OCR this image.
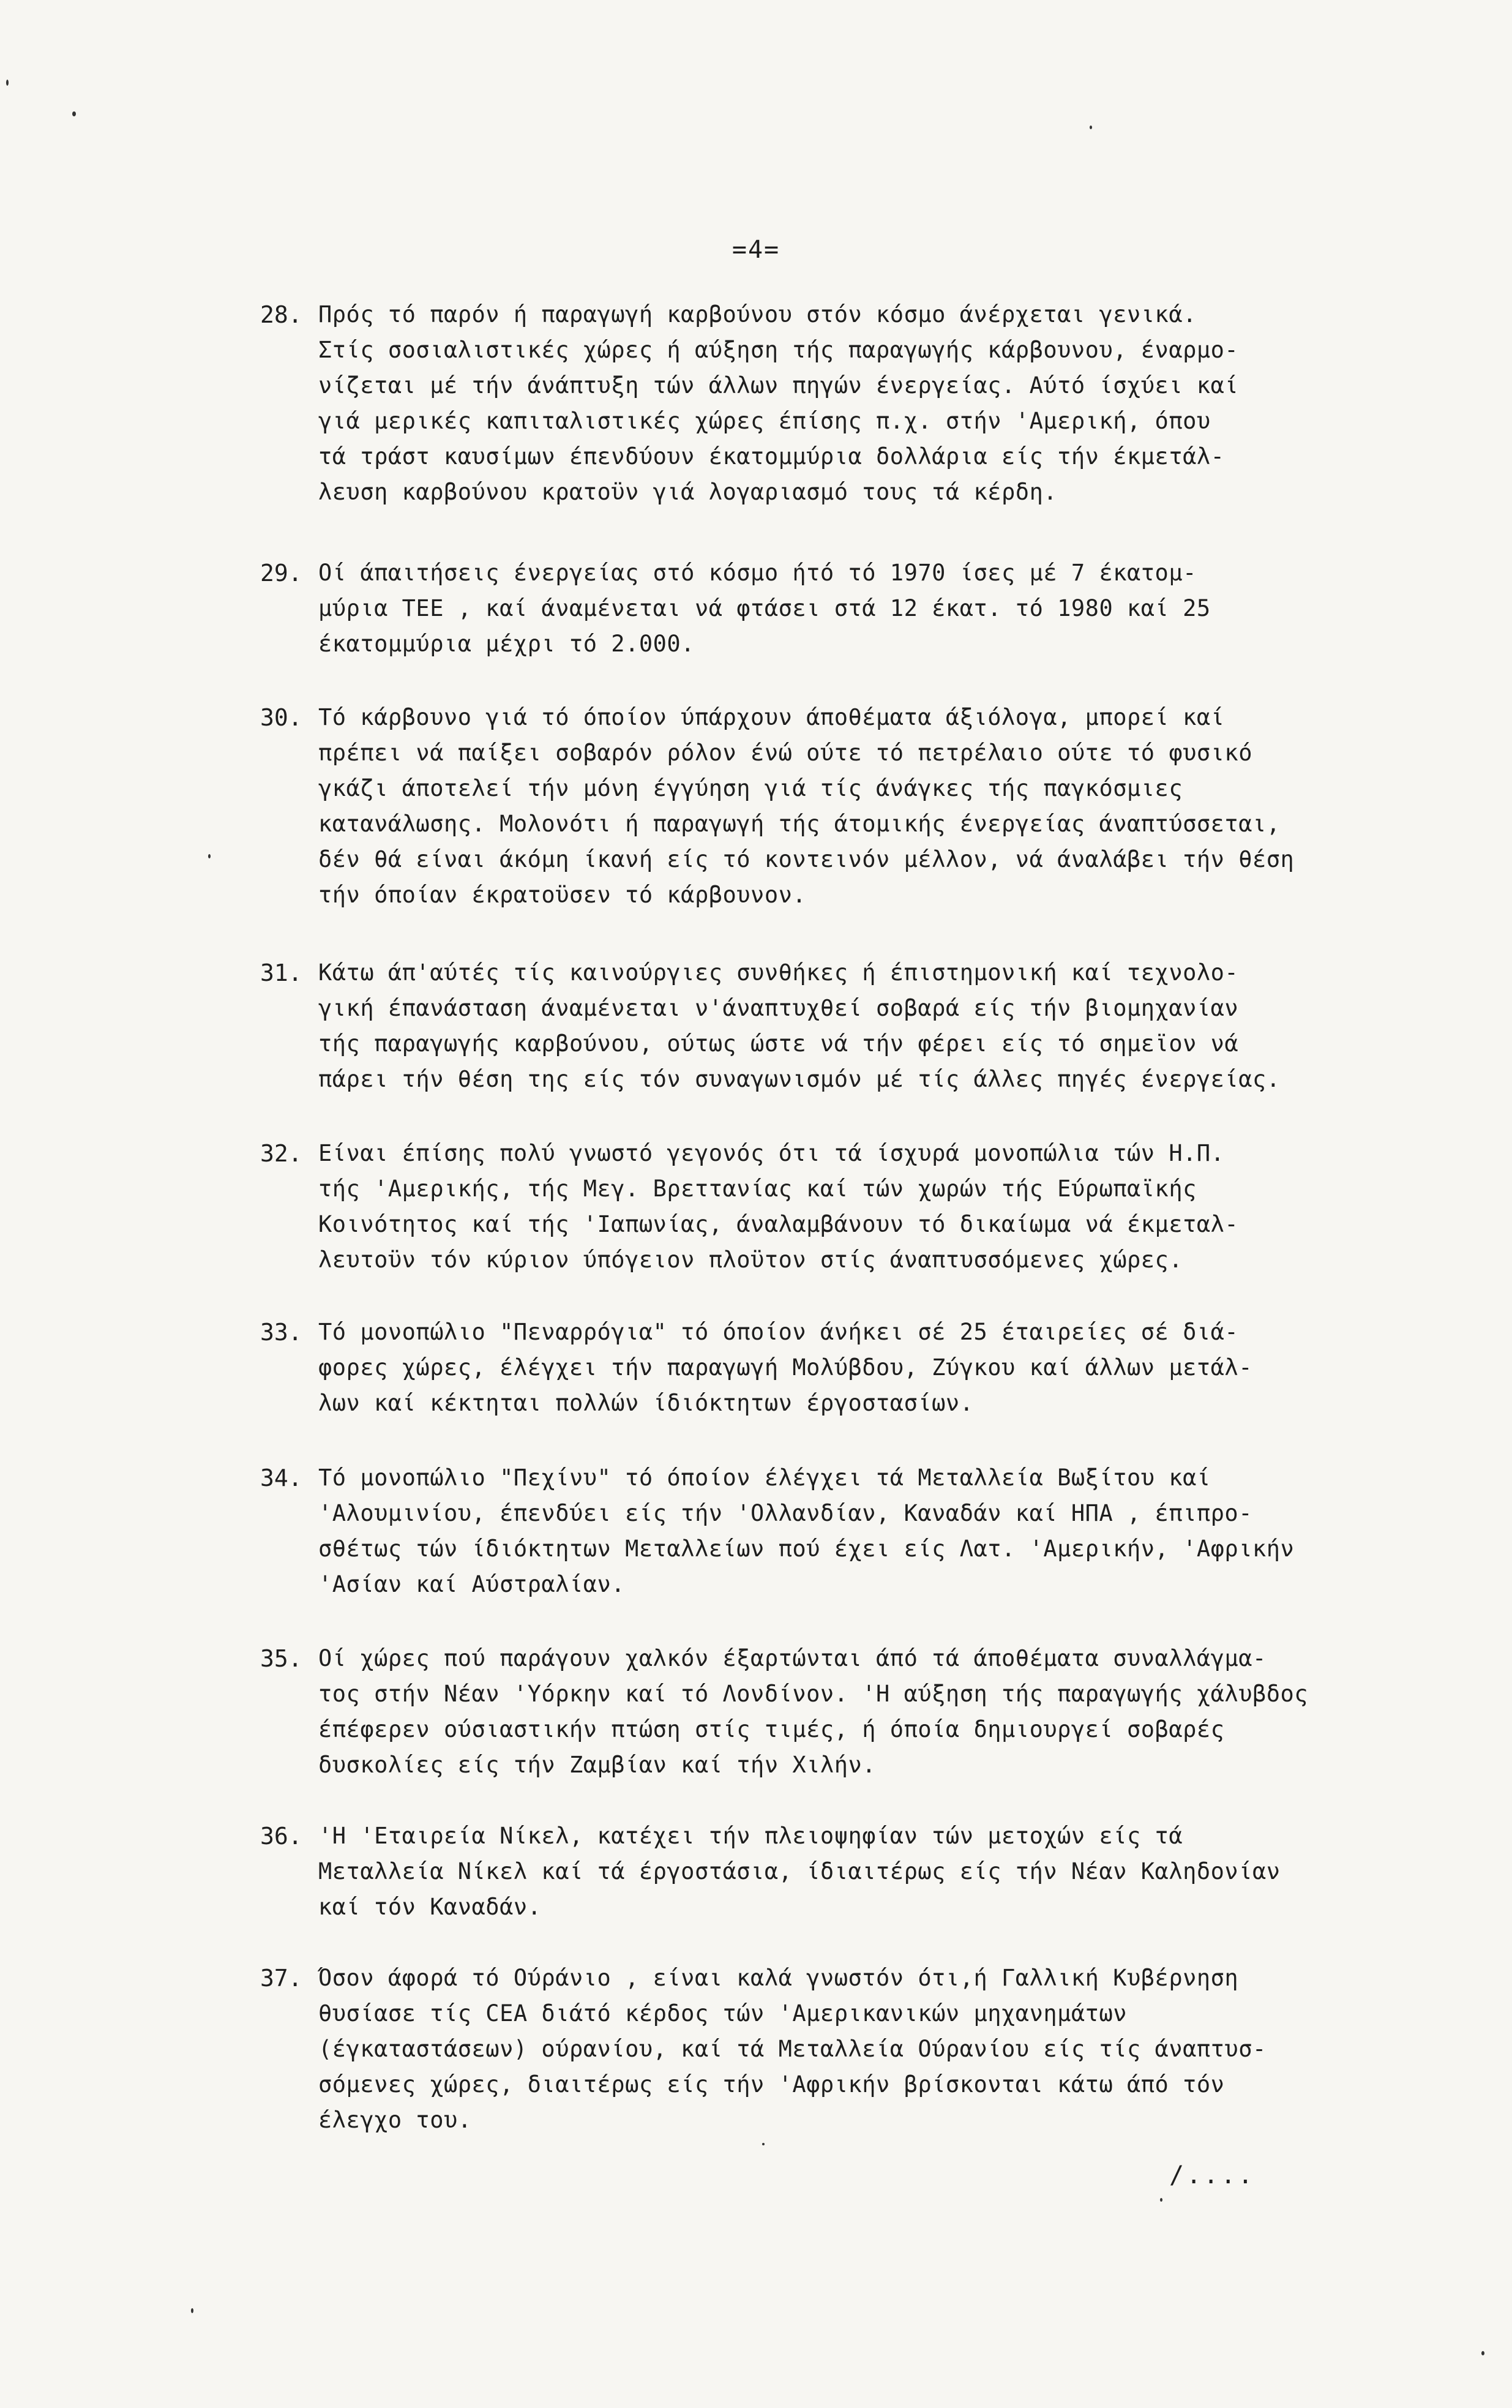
=4=
28. Πρός τό παρόν ή παραγωγή καρβούνου στόν κόσμο άνέρχεται γενικά.
Στίς σοσιαλιστικές χώρες ή αύξηση τής παραγωγής κάρβουνου, έναρμο-
νίζεται μέ τήν άνάπτυξη τών άλλων πηγών ένεργείας. Αύτό ίσχύει καί
γιά μερικές καπιταλιστικές χώρες έπίσης π.χ. στήν 'Αμερική, όπου
τά τράστ καυσίμων έπενδύουν έκατομμύρια δολλάρια είς τήν έκμετάλ-
λευση καρβούνου κρατοϋν γιά λογαριασμό τους τά κέρδη.
29. Οί άπαιτήσεις ένεργείας στό κόσμο ήτό τό 1970 ίσες μέ 7 έκατομ-
μύρια ΤΕΕ , καί άναμένεται νά φτάσει στά 12 έκατ. τό 1980 καί 25
έκατομμύρια μέχρι τό 2.000.
30. Τό κάρβουνο γιά τό όποίον ύπάρχουν άποθέματα άξιόλογα, μπορεί καί
πρέπει νά παίξει σοβαρόν ρόλον ένώ ούτε τό πετρέλαιο ούτε τό φυσικό
γκάζι άποτελεί τήν μόνη έγγύηση γιά τίς άνάγκες τής παγκόσμιες
κατανάλωσης. Μολονότι ή παραγωγή τής άτομικής ένεργείας άναπτύσσεται,
δέν θά είναι άκόμη ίκανή είς τό κοντεινόν μέλλον, νά άναλάβει τήν θέση
τήν όποίαν έκρατοϋσεν τό κάρβουνον.
31. Κάτω άπ'αύτές τίς καινούργιες συνθήκες ή έπιστημονική καί τεχνολο-
γική έπανάσταση άναμένεται ν'άναπτυχθεί σοβαρά είς τήν βιομηχανίαν
τής παραγωγής καρβούνου, ούτως ώστε νά τήν φέρει είς τό σημεϊον νά
πάρει τήν θέση της είς τόν συναγωνισμόν μέ τίς άλλες πηγές ένεργείας.
32. Είναι έπίσης πολύ γνωστό γεγονός ότι τά ίσχυρά μονοπώλια τών Η.Π.
τής 'Αμερικής, τής Μεγ. Βρεττανίας καί τών χωρών τής Εύρωπαϊκής
Κοινότητος καί τής 'Ιαπωνίας, άναλαμβάνουν τό δικαίωμα νά έκμεταλ-
λευτοϋν τόν κύριον ύπόγειον πλοϋτον στίς άναπτυσσόμενες χώρες.
33. Τό μονοπώλιο "Πεναρρόγια" τό όποίον άνήκει σέ 25 έταιρείες σέ διά-
φορες χώρες, έλέγχει τήν παραγωγή Μολύβδου, Ζύγκου καί άλλων μετάλ-
λων καί κέκτηται πολλών ίδιόκτητων έργοστασίων.
34. Τό μονοπώλιο "Πεχίνυ" τό όποίον έλέγχει τά Μεταλλεία Βωξίτου καί
'Αλουμινίου, έπενδύει είς τήν 'Ολλανδίαν, Καναδάν καί ΗΠΑ , έπιπρο-
σθέτως τών ίδιόκτητων Μεταλλείων πού έχει είς Λατ. 'Αμερικήν, 'Αφρικήν
'Ασίαν καί Αύστραλίαν.
35. Οί χώρες πού παράγουν χαλκόν έξαρτώνται άπό τά άποθέματα συναλλάγμα-
τος στήν Νέαν 'Υόρκην καί τό Λονδίνον. 'Η αύξηση τής παραγωγής χάλυβδος
έπέφερεν ούσιαστικήν πτώση στίς τιμές, ή όποία δημιουργεί σοβαρές
δυσκολίες είς τήν Ζαμβίαν καί τήν Χιλήν.
36. 'Η 'Εταιρεία Νίκελ, κατέχει τήν πλειοψηφίαν τών μετοχών είς τά
Μεταλλεία Νίκελ καί τά έργοστάσια, ίδιαιτέρως είς τήν Νέαν Καληδονίαν
καί τόν Καναδάν.
37. Όσον άφορά τό Ούράνιο , είναι καλά γνωστόν ότι,ή Γαλλική Κυβέρνηση
θυσίασε τίς CEA διάτό κέρδος τών 'Αμερικανικών μηχανημάτων
(έγκαταστάσεων) ούρανίου, καί τά Μεταλλεία Ούρανίου είς τίς άναπτυσ-
σόμενες χώρες, διαιτέρως είς τήν 'Αφρικήν βρίσκονται κάτω άπό τόν
έλεγχο του.
/....
